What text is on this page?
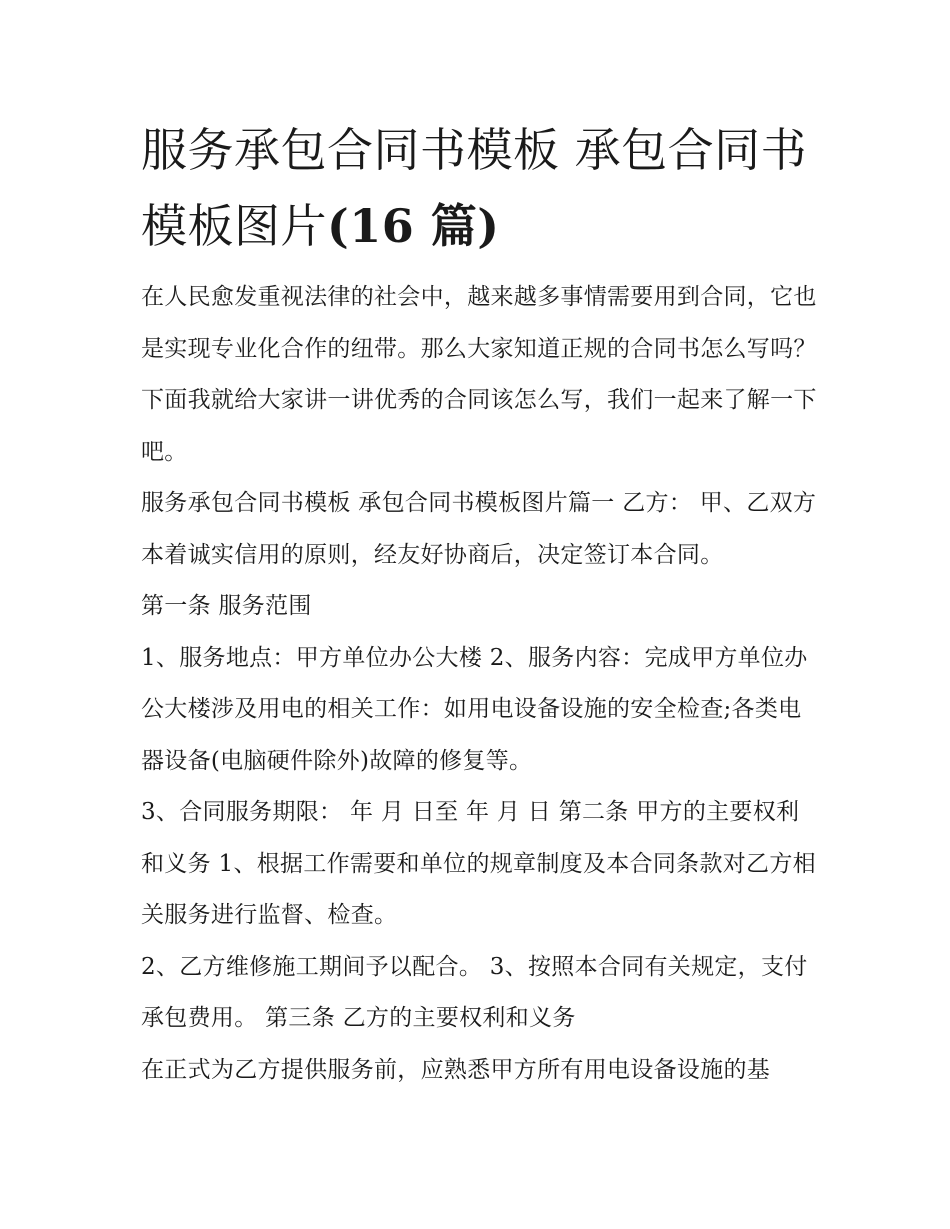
服务承包合同书模板 承包合同书模板图片(16 篇)

在人民愈发重视法律的社会中，越来越多事情需要用到合同，它也是实现专业化合作的纽带。那么大家知道正规的合同书怎么写吗？下面我就给大家讲一讲优秀的合同该怎么写，我们一起来了解一下吧。

服务承包合同书模板 承包合同书模板图片篇一 乙方： 甲、乙双方本着诚实信用的原则，经友好协商后，决定签订本合同。

第一条 服务范围

1、服务地点：甲方单位办公大楼 2、服务内容：完成甲方单位办公大楼涉及用电的相关工作：如用电设备设施的安全检查;各类电器设备(电脑硬件除外)故障的修复等。

3、合同服务期限： 年 月 日至 年 月 日 第二条 甲方的主要权利和义务 1、根据工作需要和单位的规章制度及本合同条款对乙方相关服务进行监督、检查。

2、乙方维修施工期间予以配合。 3、按照本合同有关规定，支付承包费用。 第三条 乙方的主要权利和义务

在正式为乙方提供服务前，应熟悉甲方所有用电设备设施的基
